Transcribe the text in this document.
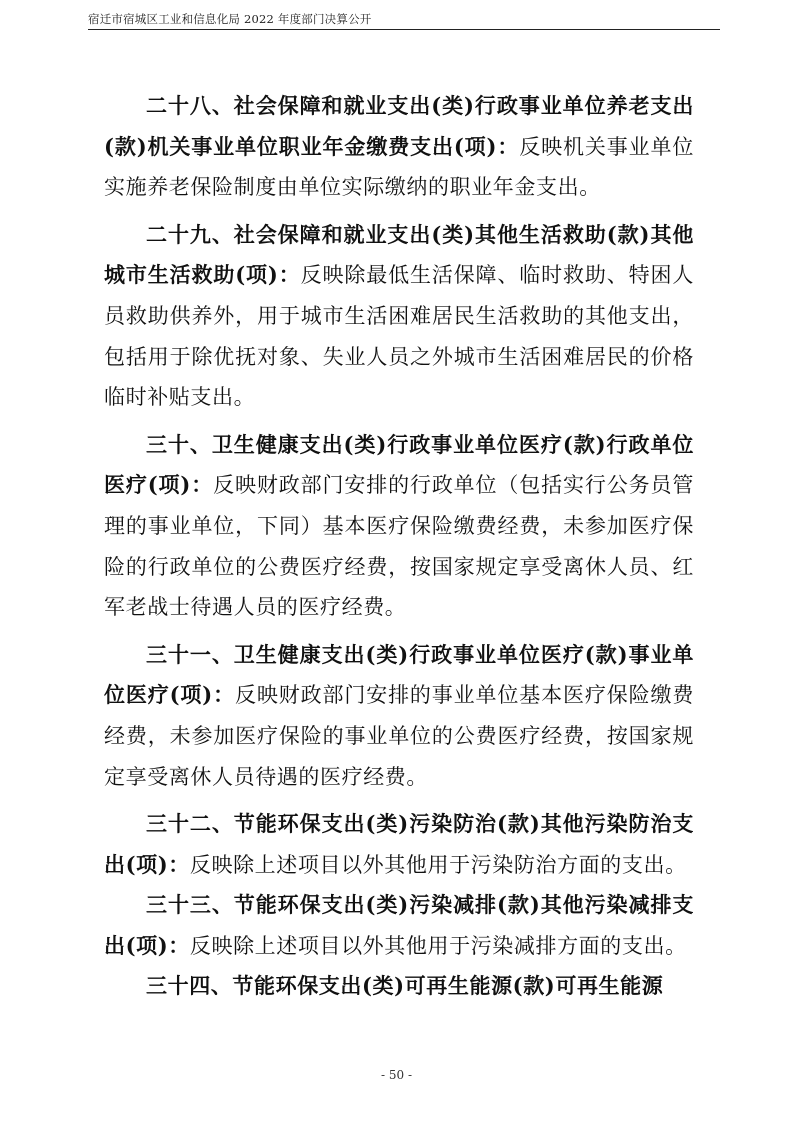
宿迁市宿城区工业和信息化局 2022 年度部门决算公开

二十八、社会保障和就业支出(类)行政事业单位养老支出(款)机关事业单位职业年金缴费支出(项)：反映机关事业单位实施养老保险制度由单位实际缴纳的职业年金支出。

二十九、社会保障和就业支出(类)其他生活救助(款)其他城市生活救助(项)：反映除最低生活保障、临时救助、特困人员救助供养外，用于城市生活困难居民生活救助的其他支出，包括用于除优抚对象、失业人员之外城市生活困难居民的价格临时补贴支出。

三十、卫生健康支出(类)行政事业单位医疗(款)行政单位医疗(项)：反映财政部门安排的行政单位（包括实行公务员管理的事业单位，下同）基本医疗保险缴费经费，未参加医疗保险的行政单位的公费医疗经费，按国家规定享受离休人员、红军老战士待遇人员的医疗经费。

三十一、卫生健康支出(类)行政事业单位医疗(款)事业单位医疗(项)：反映财政部门安排的事业单位基本医疗保险缴费经费，未参加医疗保险的事业单位的公费医疗经费，按国家规定享受离休人员待遇的医疗经费。

三十二、节能环保支出(类)污染防治(款)其他污染防治支出(项)：反映除上述项目以外其他用于污染防治方面的支出。

三十三、节能环保支出(类)污染减排(款)其他污染减排支出(项)：反映除上述项目以外其他用于污染减排方面的支出。

三十四、节能环保支出(类)可再生能源(款)可再生能源

- 50 -
